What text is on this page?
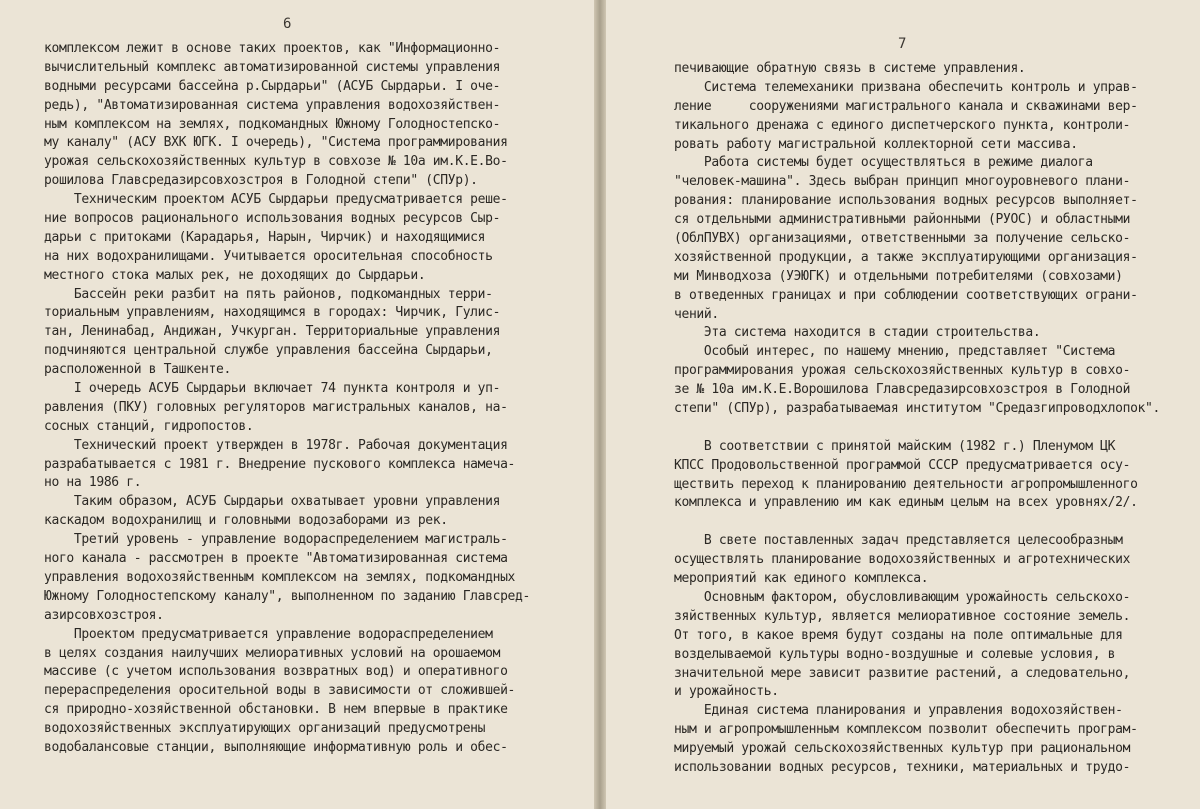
6
комплексом лежит в основе таких проектов, как "Информационно-
вычислительный комплекс автоматизированной системы управления
водными ресурсами бассейна р.Сырдарьи" (АСУБ Сырдарьи. I оче-
редь), "Автоматизированная система управления водохозяйствен-
ным комплексом на землях, подкомандных Южному Голодностепско-
му каналу" (АСУ ВХК ЮГК. I очередь), "Система программирования
урожая сельскохозяйственных культур в совхозе № 10а им.К.Е.Во-
рошилова Главсредазирсовхозстроя в Голодной степи" (СПУр).
Техническим проектом АСУБ Сырдарьи предусматривается реше-
ние вопросов рационального использования водных ресурсов Сыр-
дарьи с притоками (Карадарья, Нарын, Чирчик) и находящимися
на них водохранилищами. Учитывается оросительная способность
местного стока малых рек, не доходящих до Сырдарьи.
Бассейн реки разбит на пять районов, подкомандных терри-
ториальным управлениям, находящимся в городах: Чирчик, Гулис-
тан, Ленинабад, Андижан, Учкурган. Территориальные управления
подчиняются центральной службе управления бассейна Сырдарьи,
расположенной в Ташкенте.
I очередь АСУБ Сырдарьи включает 74 пункта контроля и уп-
равления (ПКУ) головных регуляторов магистральных каналов, на-
сосных станций, гидропостов.
Технический проект утвержден в 1978г. Рабочая документация
разрабатывается с 1981 г. Внедрение пускового комплекса намеча-
но на 1986 г.
Таким образом, АСУБ Сырдарьи охватывает уровни управления
каскадом водохранилищ и головными водозаборами из рек.
Третий уровень - управление водораспределением магистраль-
ного канала - рассмотрен в проекте "Автоматизированная система
управления водохозяйственным комплексом на землях, подкомандных
Южному Голодностепскому каналу", выполненном по заданию Главсред-
азирсовхозстроя.
Проектом предусматривается управление водораспределением
в целях создания наилучших мелиоративных условий на орошаемом
массиве (с учетом использования возвратных вод) и оперативного
перераспределения оросительной воды в зависимости от сложившей-
ся природно-хозяйственной обстановки. В нем впервые в практике
водохозяйственных эксплуатирующих организаций предусмотрены
водобалансовые станции, выполняющие информативную роль и обес-
7
печивающие обратную связь в системе управления.
Система телемеханики призвана обеспечить контроль и управ-
ление     сооружениями магистрального канала и скважинами вер-
тикального дренажа с единого диспетчерского пункта, контроли-
ровать работу магистральной коллекторной сети массива.
Работа системы будет осуществляться в режиме диалога
"человек-машина". Здесь выбран принцип многоуровневого плани-
рования: планирование использования водных ресурсов выполняет-
ся отдельными административными районными (РУОС) и областными
(ОблПУВХ) организациями, ответственными за получение сельско-
хозяйственной продукции, а также эксплуатирующими организация-
ми Минводхоза (УЭЮГК) и отдельными потребителями (совхозами)
в отведенных границах и при соблюдении соответствующих ограни-
чений.
Эта система находится в стадии строительства.
Особый интерес, по нашему мнению, представляет "Система
программирования урожая сельскохозяйственных культур в совхо-
зе № 10а им.К.Е.Ворошилова Главсредазирсовхозстроя в Голодной
степи" (СПУр), разрабатываемая институтом "Средазгипроводхлопок".
В соответствии с принятой майским (1982 г.) Пленумом ЦК
КПСС Продовольственной программой СССР предусматривается осу-
ществить переход к планированию деятельности агропромышленного
комплекса и управлению им как единым целым на всех уровнях/2/.
В свете поставленных задач представляется целесообразным
осуществлять планирование водохозяйственных и агротехнических
мероприятий как единого комплекса.
Основным фактором, обусловливающим урожайность сельскохо-
зяйственных культур, является мелиоративное состояние земель.
От того, в какое время будут созданы на поле оптимальные для
возделываемой культуры водно-воздушные и солевые условия, в
значительной мере зависит развитие растений, а следовательно,
и урожайность.
Единая система планирования и управления водохозяйствен-
ным и агропромышленным комплексом позволит обеспечить програм-
мируемый урожай сельскохозяйственных культур при рациональном
использовании водных ресурсов, техники, материальных и трудо-
